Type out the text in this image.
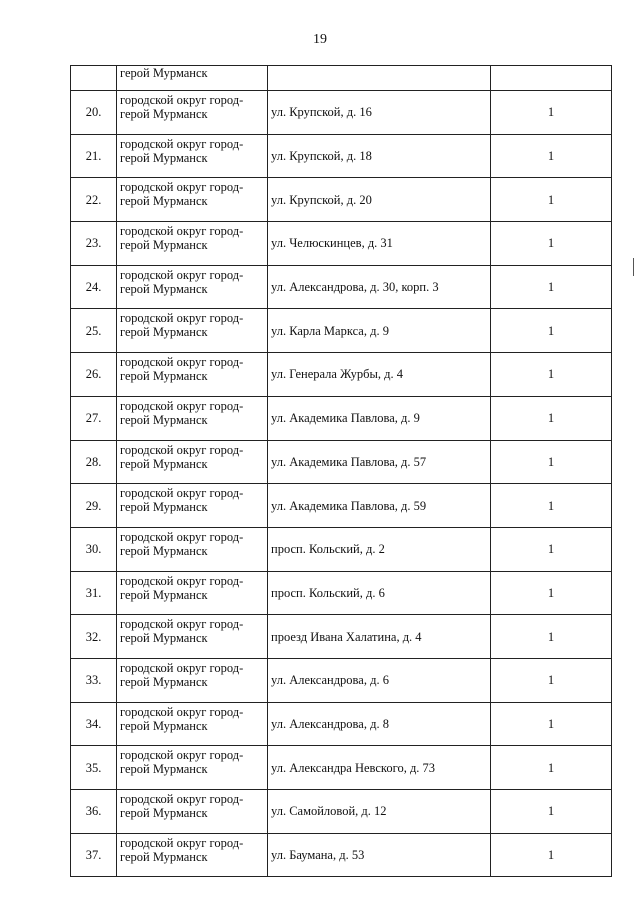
19
	герой Мурманск		
20.	городской округ город-
герой Мурманск	ул. Крупской, д. 16	1
21.	городской округ город-
герой Мурманск	ул. Крупской, д. 18	1
22.	городской округ город-
герой Мурманск	ул. Крупской, д. 20	1
23.	городской округ город-
герой Мурманск	ул. Челюскинцев, д. 31	1
24.	городской округ город-
герой Мурманск	ул. Александрова, д. 30, корп. 3	1
25.	городской округ город-
герой Мурманск	ул. Карла Маркса, д. 9	1
26.	городской округ город-
герой Мурманск	ул. Генерала Журбы, д. 4	1
27.	городской округ город-
герой Мурманск	ул. Академика Павлова, д. 9	1
28.	городской округ город-
герой Мурманск	ул. Академика Павлова, д. 57	1
29.	городской округ город-
герой Мурманск	ул. Академика Павлова, д. 59	1
30.	городской округ город-
герой Мурманск	просп. Кольский, д. 2	1
31.	городской округ город-
герой Мурманск	просп. Кольский, д. 6	1
32.	городской округ город-
герой Мурманск	проезд Ивана Халатина, д. 4	1
33.	городской округ город-
герой Мурманск	ул. Александрова, д. 6	1
34.	городской округ город-
герой Мурманск	ул. Александрова, д. 8	1
35.	городской округ город-
герой Мурманск	ул. Александра Невского, д. 73	1
36.	городской округ город-
герой Мурманск	ул. Самойловой, д. 12	1
37.	городской округ город-
герой Мурманск	ул. Баумана, д. 53	1
